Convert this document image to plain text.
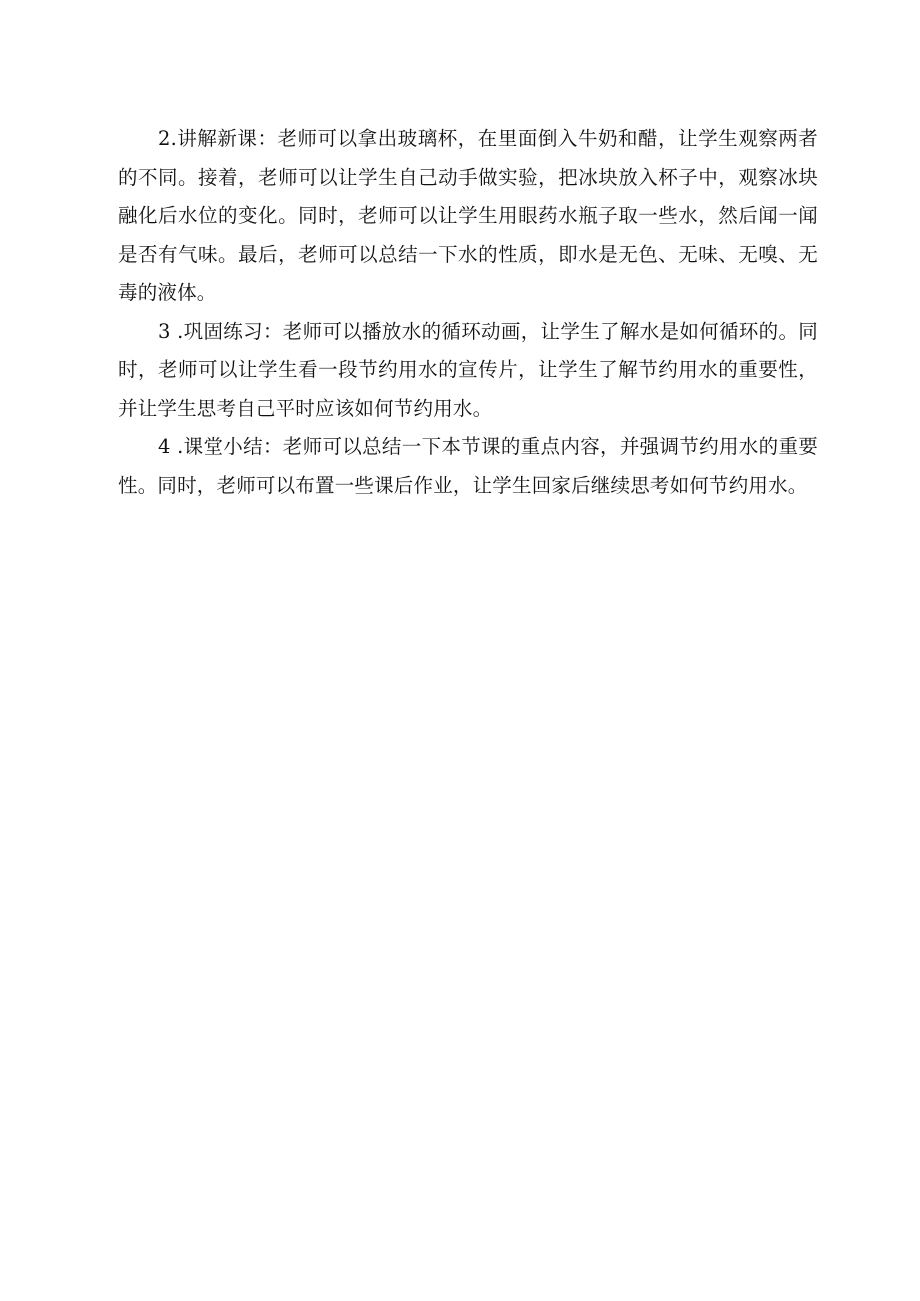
2.讲解新课：老师可以拿出玻璃杯，在里面倒入牛奶和醋，让学生观察两者的不同。接着，老师可以让学生自己动手做实验，把冰块放入杯子中，观察冰块融化后水位的变化。同时，老师可以让学生用眼药水瓶子取一些水，然后闻一闻是否有气味。最后，老师可以总结一下水的性质，即水是无色、无味、无嗅、无毒的液体。

3 .巩固练习：老师可以播放水的循环动画，让学生了解水是如何循环的。同时，老师可以让学生看一段节约用水的宣传片，让学生了解节约用水的重要性，并让学生思考自己平时应该如何节约用水。

4 .课堂小结：老师可以总结一下本节课的重点内容，并强调节约用水的重要性。同时，老师可以布置一些课后作业，让学生回家后继续思考如何节约用水。
